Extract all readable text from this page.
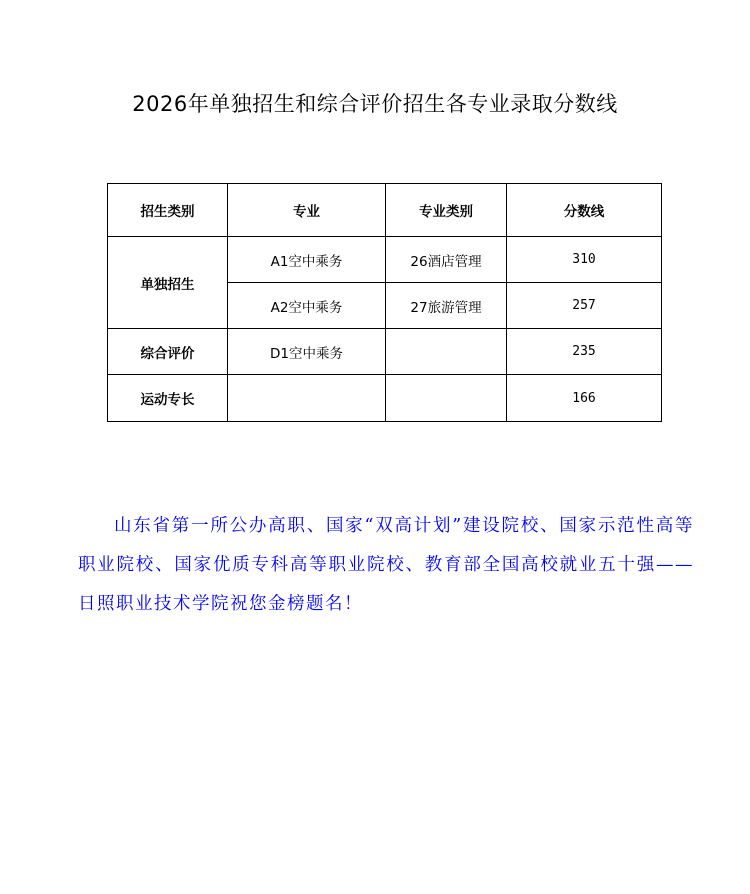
2026年单独招生和综合评价招生各专业录取分数线
招生类别	专业	专业类别	分数线
单独招生	A1空中乘务	26酒店管理	310
	A2空中乘务	27旅游管理	257
综合评价	D1空中乘务		235
运动专长			166

山东省第一所公办高职、国家“双高计划”建设院校、国家示范性高等职业院校、国家优质专科高等职业院校、教育部全国高校就业五十强——日照职业技术学院祝您金榜题名！
